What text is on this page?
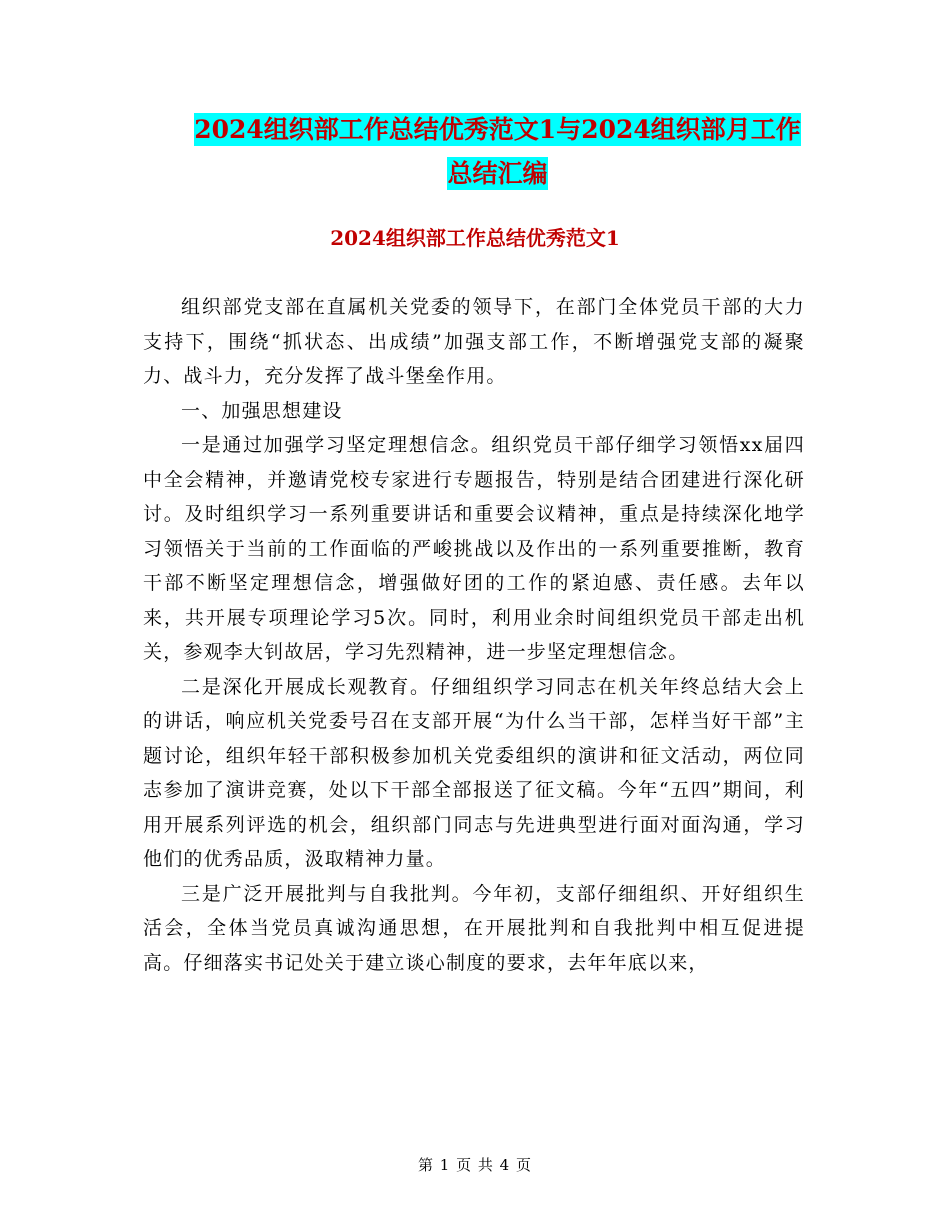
2024组织部工作总结优秀范文1与2024组织部月工作
总结汇编
2024组织部工作总结优秀范文1

组织部党支部在直属机关党委的领导下，在部门全体党员干部的大力支持下，围绕“抓状态、出成绩”加强支部工作，不断增强党支部的凝聚力、战斗力，充分发挥了战斗堡垒作用。

一、加强思想建设

一是通过加强学习坚定理想信念。组织党员干部仔细学习领悟xx届四中全会精神，并邀请党校专家进行专题报告，特别是结合团建进行深化研讨。及时组织学习一系列重要讲话和重要会议精神，重点是持续深化地学习领悟关于当前的工作面临的严峻挑战以及作出的一系列重要推断，教育干部不断坚定理想信念，增强做好团的工作的紧迫感、责任感。去年以来，共开展专项理论学习5次。同时，利用业余时间组织党员干部走出机关，参观李大钊故居，学习先烈精神，进一步坚定理想信念。

二是深化开展成长观教育。仔细组织学习同志在机关年终总结大会上的讲话，响应机关党委号召在支部开展“为什么当干部，怎样当好干部”主题讨论，组织年轻干部积极参加机关党委组织的演讲和征文活动，两位同志参加了演讲竞赛，处以下干部全部报送了征文稿。今年“五四”期间，利用开展系列评选的机会，组织部门同志与先进典型进行面对面沟通，学习他们的优秀品质，汲取精神力量。

三是广泛开展批判与自我批判。今年初，支部仔细组织、开好组织生活会，全体当党员真诚沟通思想，在开展批判和自我批判中相互促进提高。仔细落实书记处关于建立谈心制度的要求，去年年底以来，

第 1 页 共 4 页
